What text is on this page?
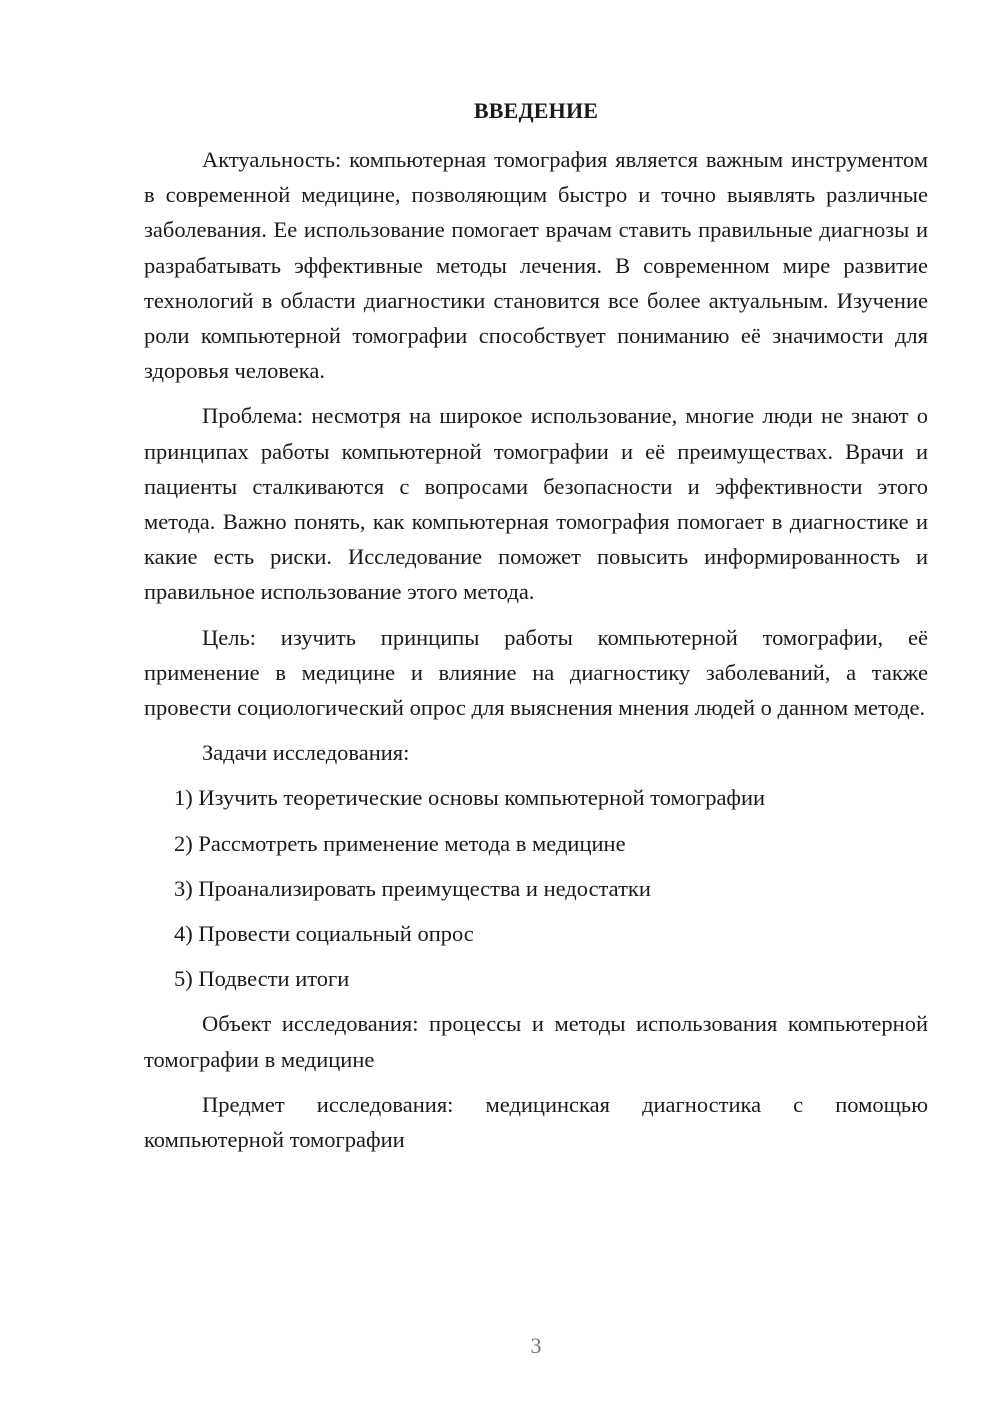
ВВЕДЕНИЕ

Актуальность: компьютерная томография является важным инструментом в современной медицине, позволяющим быстро и точно выявлять различные заболевания. Ее использование помогает врачам ставить правильные диагнозы и разрабатывать эффективные методы лечения. В современном мире развитие технологий в области диагностики становится все более актуальным. Изучение роли компьютерной томографии способствует пониманию её значимости для здоровья человека.

Проблема: несмотря на широкое использование, многие люди не знают о принципах работы компьютерной томографии и её преимуществах. Врачи и пациенты сталкиваются с вопросами безопасности и эффективности этого метода. Важно понять, как компьютерная томография помогает в диагностике и какие есть риски. Исследование поможет повысить информированность и правильное использование этого метода.

Цель: изучить принципы работы компьютерной томографии, её применение в медицине и влияние на диагностику заболеваний, а также провести социологический опрос для выяснения мнения людей о данном методе.

Задачи исследования:
1) Изучить теоретические основы компьютерной томографии
2) Рассмотреть применение метода в медицине
3) Проанализировать преимущества и недостатки
4) Провести социальный опрос
5) Подвести итоги

Объект исследования: процессы и методы использования компьютерной томографии в медицине

Предмет исследования: медицинская диагностика с помощью компьютерной томографии

3
